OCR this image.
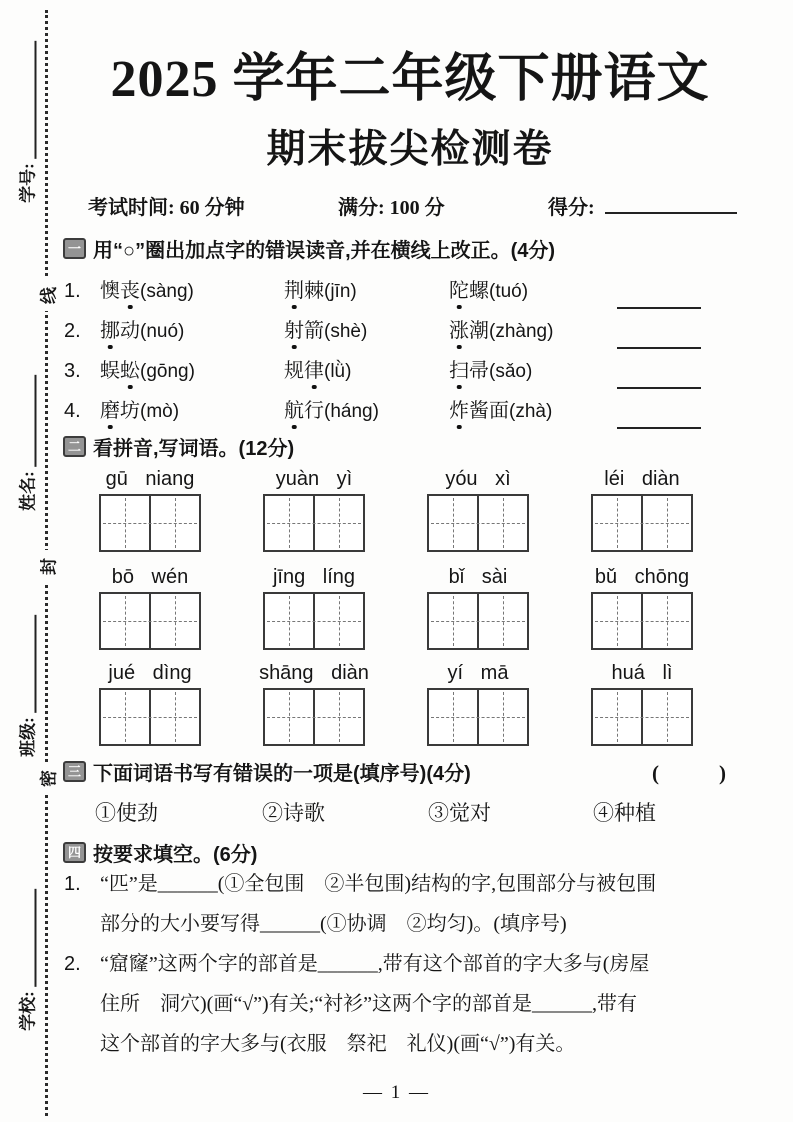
密
封
线
学号:
姓名:
班级:
学校:
2025 学年二年级下册语文
期末拔尖检测卷
考试时间: 60 分钟	满分: 100 分	得分:
一 用“○”圈出加点字的错误读音,并在横线上改正。(4分)
1. 懊丧(sàng)	荆棘(jīn)	陀螺(tuó)
2. 挪动(nuó)	射箭(shè)	涨潮(zhàng)
3. 蜈蚣(gōng)	规律(lǜ)	扫帚(sǎo)
4. 磨坊(mò)	航行(háng)	炸酱面(zhà)
二 看拼音,写词语。(12分)
gū niang	yuàn yì	yóu xì	léi diàn
bō wén	jīng líng	bǐ sài	bǔ chōng
jué dìng	shāng diàn	yí mā	huá lì
三 下面词语书写有错误的一项是(填序号)(4分)	(　　)
①使劲	②诗歌	③觉对	④种植
四 按要求填空。(6分)
1. “匹”是______(①全包围　②半包围)结构的字,包围部分与被包围
部分的大小要写得______(①协调　②均匀)。(填序号)
2. “窟窿”这两个字的部首是______,带有这个部首的字大多与(房屋
住所　洞穴)(画“√”)有关;“衬衫”这两个字的部首是______,带有
这个部首的字大多与(衣服　祭祀　礼仪)(画“√”)有关。
— 1 —
